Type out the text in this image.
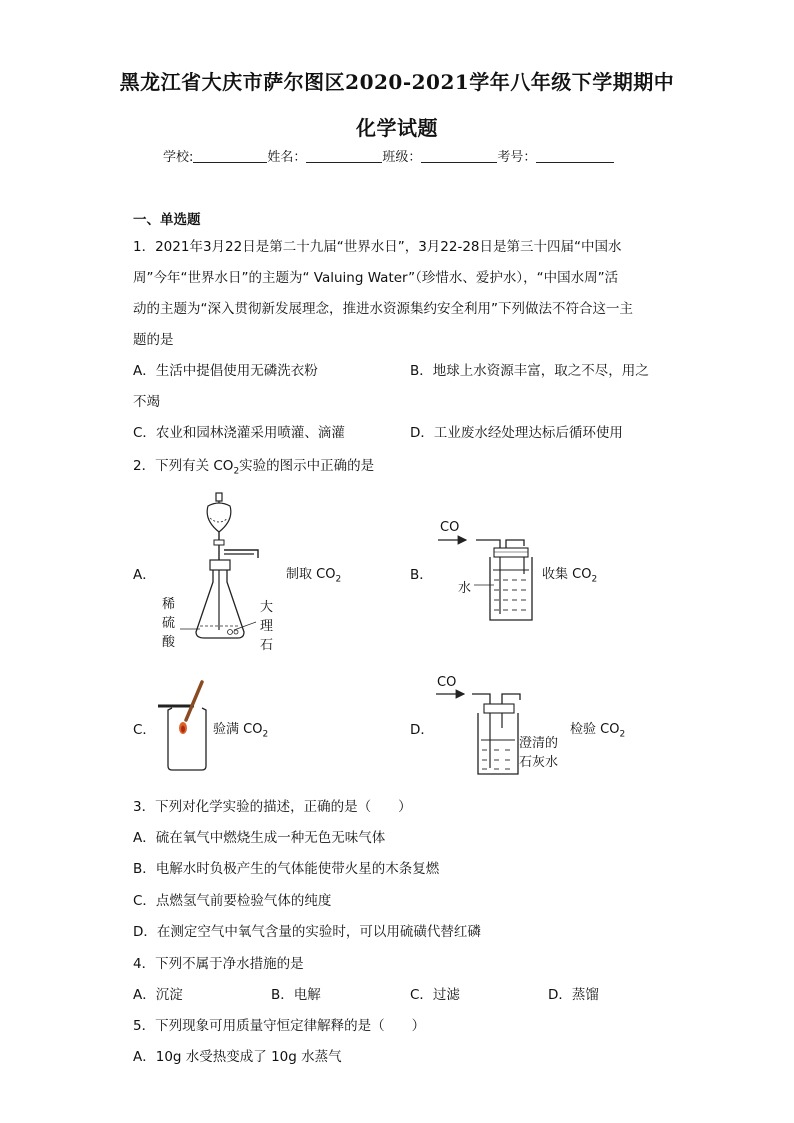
黑龙江省大庆市萨尔图区2020-2021学年八年级下学期期中
化学试题
学校:	姓名：	班级：	考号：
一、单选题
1．2021年3月22日是第二十九届“世界水日”，3月22-28日是第三十四届“中国水
周”今年“世界水日”的主题为“ Valuing Water”（珍惜水、爱护水），“中国水周”活
动的主题为“深入贯彻新发展理念，推进水资源集约安全利用”下列做法不符合这一主
题的是
A．生活中提倡使用无磷洗衣粉	B．地球上水资源丰富，取之不尽，用之
不竭
C．农业和园林浇灌采用喷灌、滴灌	D．工业废水经处理达标后循环使用
2．下列有关 $CO_2$实验的图示中正确的是
A．
稀
硫
酸
大
理
石
制取 $CO_2$	B．
CO
水
收集 $CO_2$
C．	验满 $CO_2$	D．
CO
澄清的
石灰水
检验 $CO_2$
3．下列对化学实验的描述，正确的是（　　）
A．硫在氧气中燃烧生成一种无色无味气体
B．电解水时负极产生的气体能使带火星的木条复燃
C．点燃氢气前要检验气体的纯度
D．在测定空气中氧气含量的实验时，可以用硫磺代替红磷
4．下列不属于净水措施的是
A．沉淀	B．电解	C．过滤	D．蒸馏
5．下列现象可用质量守恒定律解释的是（　　）
A．10g 水受热变成了 10g 水蒸气
